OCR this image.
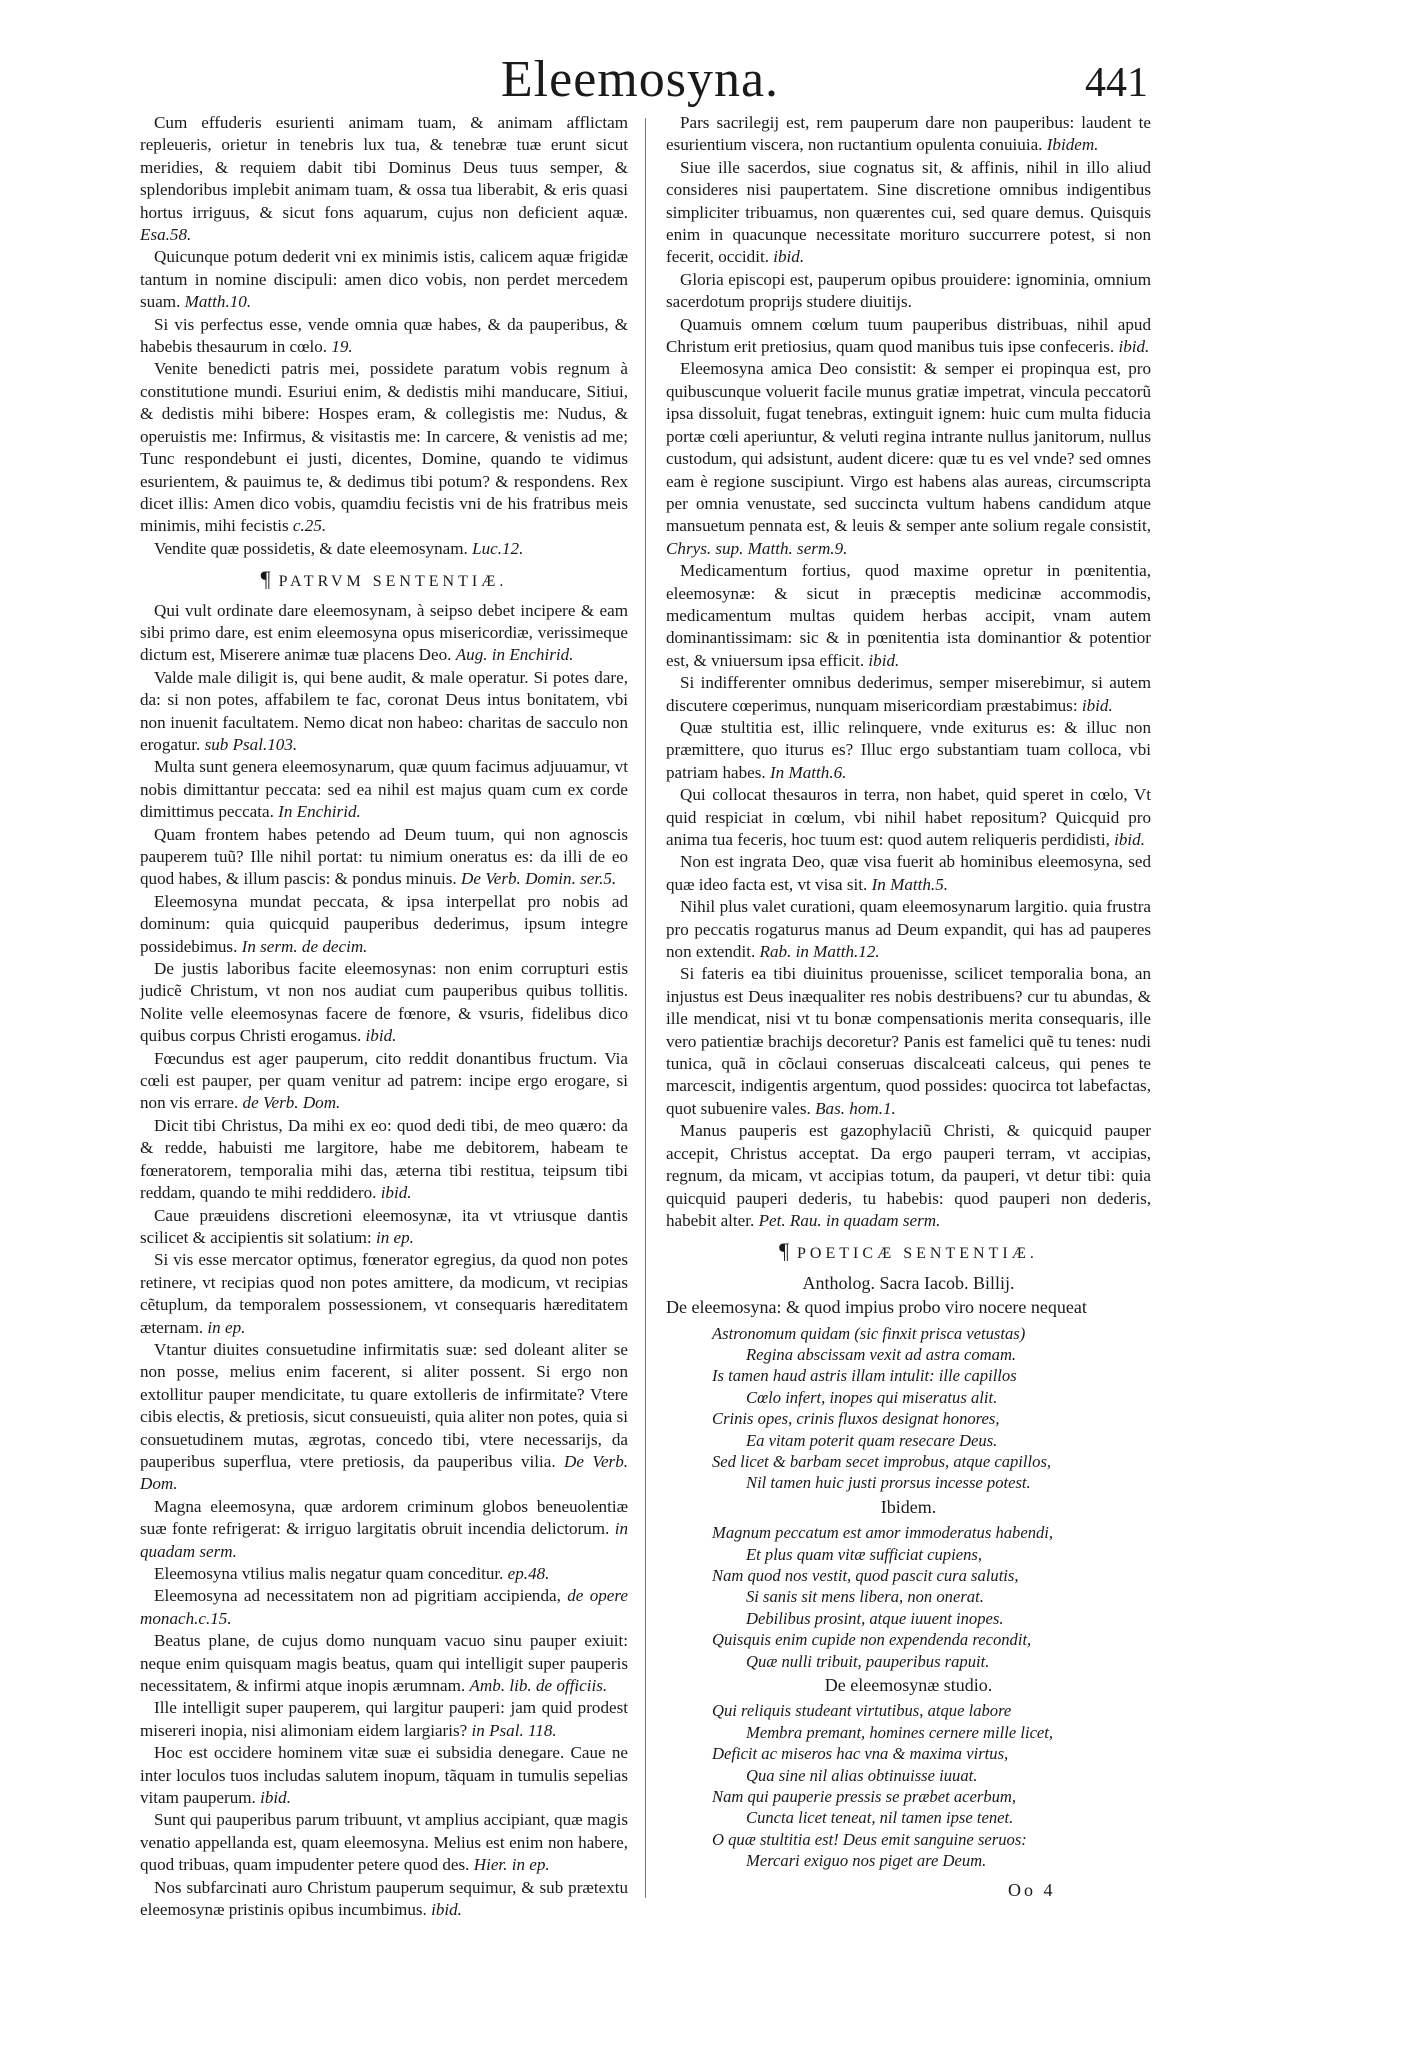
Eleemosyna.	441

Cum effuderis esurienti animam tuam, & animam afflictam repleueris, orietur in tenebris lux tua, & tenebræ tuæ erunt sicut meridies, & requiem dabit tibi Dominus Deus tuus semper, & splendoribus implebit animam tuam, & ossa tua liberabit, & eris quasi hortus irriguus, & sicut fons aquarum, cujus non deficient aquæ. Esa.58.

Quicunque potum dederit vni ex minimis istis, calicem aquæ frigidæ tantum in nomine discipuli: amen dico vobis, non perdet mercedem suam. Matth.10.

Si vis perfectus esse, vende omnia quæ habes, & da pauperibus, & habebis thesaurum in cœlo. 19.

Venite benedicti patris mei, possidete paratum vobis regnum à constitutione mundi. Esuriui enim, & dedistis mihi manducare, Sitiui, & dedistis mihi bibere: Hospes eram, & collegistis me: Nudus, & operuistis me: Infirmus, & visitastis me: In carcere, & venistis ad me; Tunc respondebunt ei justi, dicentes, Domine, quando te vidimus esurientem, & pauimus te, & dedimus tibi potum? & respondens. Rex dicet illis: Amen dico vobis, quamdiu fecistis vni de his fratribus meis minimis, mihi fecistis c.25.

Vendite quæ possidetis, & date eleemosynam. Luc.12.

¶ PATRVM SENTENTIÆ.

Qui vult ordinate dare eleemosynam, à seipso debet incipere & eam sibi primo dare, est enim eleemosyna opus misericordiæ, verissimeque dictum est, Miserere animæ tuæ placens Deo. Aug. in Enchirid.

Valde male diligit is, qui bene audit, & male operatur. Si potes dare, da: si non potes, affabilem te fac, coronat Deus intus bonitatem, vbi non inuenit facultatem. Nemo dicat non habeo: charitas de sacculo non erogatur. sub Psal.103.

Multa sunt genera eleemosynarum, quæ quum facimus adjuuamur, vt nobis dimittantur peccata: sed ea nihil est majus quam cum ex corde dimittimus peccata. In Enchirid.

Quam frontem habes petendo ad Deum tuum, qui non agnoscis pauperem tuũ? Ille nihil portat: tu nimium oneratus es: da illi de eo quod habes, & illum pascis: & pondus minuis. De Verb. Domin. ser.5.

Eleemosyna mundat peccata, & ipsa interpellat pro nobis ad dominum: quia quicquid pauperibus dederimus, ipsum integre possidebimus. In serm. de decim.

De justis laboribus facite eleemosynas: non enim corrupturi estis judicẽ Christum, vt non nos audiat cum pauperibus quibus tollitis. Nolite velle eleemosynas facere de fœnore, & vsuris, fidelibus dico quibus corpus Christi erogamus. ibid.

Fœcundus est ager pauperum, cito reddit donantibus fructum. Via cœli est pauper, per quam venitur ad patrem: incipe ergo erogare, si non vis errare. de Verb. Dom.

Dicit tibi Christus, Da mihi ex eo: quod dedi tibi, de meo quæro: da & redde, habuisti me largitore, habe me debitorem, habeam te fœneratorem, temporalia mihi das, æterna tibi restitua, teipsum tibi reddam, quando te mihi reddidero. ibid.

Caue præuidens discretioni eleemosynæ, ita vt vtriusque dantis scilicet & accipientis sit solatium: in ep.

Si vis esse mercator optimus, fœnerator egregius, da quod non potes retinere, vt recipias quod non potes amittere, da modicum, vt recipias cẽtuplum, da temporalem possessionem, vt consequaris hæreditatem æternam. in ep.

Vtantur diuites consuetudine infirmitatis suæ: sed doleant aliter se non posse, melius enim facerent, si aliter possent. Si ergo non extollitur pauper mendicitate, tu quare extolleris de infirmitate? Vtere cibis electis, & pretiosis, sicut consueuisti, quia aliter non potes, quia si consuetudinem mutas, ægrotas, concedo tibi, vtere necessarijs, da pauperibus superflua, vtere pretiosis, da pauperibus vilia. De Verb. Dom.

Magna eleemosyna, quæ ardorem criminum globos beneuolentiæ suæ fonte refrigerat: & irriguo largitatis obruit incendia delictorum. in quadam serm.

Eleemosyna vtilius malis negatur quam conceditur. ep.48.

Eleemosyna ad necessitatem non ad pigritiam accipienda, de opere monach.c.15.

Beatus plane, de cujus domo nunquam vacuo sinu pauper exiuit: neque enim quisquam magis beatus, quam qui intelligit super pauperis necessitatem, & infirmi atque inopis ærumnam. Amb. lib. de officiis.

Ille intelligit super pauperem, qui largitur pauperi: jam quid prodest misereri inopia, nisi alimoniam eidem largiaris? in Psal. 118.

Hoc est occidere hominem vitæ suæ ei subsidia denegare. Caue ne inter loculos tuos includas salutem inopum, tãquam in tumulis sepelias vitam pauperum. ibid.

Sunt qui pauperibus parum tribuunt, vt amplius accipiant, quæ magis venatio appellanda est, quam eleemosyna. Melius est enim non habere, quod tribuas, quam impudenter petere quod des. Hier. in ep.

Nos subfarcinati auro Christum pauperum sequimur, & sub prætextu eleemosynæ pristinis opibus incumbimus. ibid.

Pars sacrilegij est, rem pauperum dare non pauperibus: laudent te esurientium viscera, non ructantium opulenta conuiuia. Ibidem.

Siue ille sacerdos, siue cognatus sit, & affinis, nihil in illo aliud consideres nisi paupertatem. Sine discretione omnibus indigentibus simpliciter tribuamus, non quærentes cui, sed quare demus. Quisquis enim in quacunque necessitate morituro succurrere potest, si non fecerit, occidit. ibid.

Gloria episcopi est, pauperum opibus prouidere: ignominia, omnium sacerdotum proprijs studere diuitijs.

Quamuis omnem cœlum tuum pauperibus distribuas, nihil apud Christum erit pretiosius, quam quod manibus tuis ipse confeceris. ibid.

Eleemosyna amica Deo consistit: & semper ei propinqua est, pro quibuscunque voluerit facile munus gratiæ impetrat, vincula peccatorũ ipsa dissoluit, fugat tenebras, extinguit ignem: huic cum multa fiducia portæ cœli aperiuntur, & veluti regina intrante nullus janitorum, nullus custodum, qui adsistunt, audent dicere: quæ tu es vel vnde? sed omnes eam è regione suscipiunt. Virgo est habens alas aureas, circumscripta per omnia venustate, sed succincta vultum habens candidum atque mansuetum pennata est, & leuis & semper ante solium regale consistit, Chrys. sup. Matth. serm.9.

Medicamentum fortius, quod maxime opretur in pœnitentia, eleemosynæ: & sicut in præceptis medicinæ accommodis, medicamentum multas quidem herbas accipit, vnam autem dominantissimam: sic & in pœnitentia ista dominantior & potentior est, & vniuersum ipsa efficit. ibid.

Si indifferenter omnibus dederimus, semper miserebimur, si autem discutere cœperimus, nunquam misericordiam præstabimus: ibid.

Quæ stultitia est, illic relinquere, vnde exiturus es: & illuc non præmittere, quo iturus es? Illuc ergo substantiam tuam colloca, vbi patriam habes. In Matth.6.

Qui collocat thesauros in terra, non habet, quid speret in cœlo, Vt quid respiciat in cœlum, vbi nihil habet repositum? Quicquid pro anima tua feceris, hoc tuum est: quod autem reliqueris perdidisti, ibid.

Non est ingrata Deo, quæ visa fuerit ab hominibus eleemosyna, sed quæ ideo facta est, vt visa sit. In Matth.5.

Nihil plus valet curationi, quam eleemosynarum largitio. quia frustra pro peccatis rogaturus manus ad Deum expandit, qui has ad pauperes non extendit. Rab. in Matth.12.

Si fateris ea tibi diuinitus prouenisse, scilicet temporalia bona, an injustus est Deus inæqualiter res nobis destribuens? cur tu abundas, & ille mendicat, nisi vt tu bonæ compensationis merita consequaris, ille vero patientiæ brachijs decoretur? Panis est famelici quẽ tu tenes: nudi tunica, quã in cõclaui conseruas discalceati calceus, qui penes te marcescit, indigentis argentum, quod possides: quocirca tot labefactas, quot subuenire vales. Bas. hom.1.

Manus pauperis est gazophylaciũ Christi, & quicquid pauper accepit, Christus acceptat. Da ergo pauperi terram, vt accipias, regnum, da micam, vt accipias totum, da pauperi, vt detur tibi: quia quicquid pauperi dederis, tu habebis: quod pauperi non dederis, habebit alter. Pet. Rau. in quadam serm.

¶ POETICÆ SENTENTIÆ.

Antholog. Sacra Iacob. Billij.

De eleemosyna: & quod impius probo viro nocere nequeat

Astronomum quidam (sic finxit prisca vetustas)
Regina abscissam vexit ad astra comam.
Is tamen haud astris illam intulit: ille capillos
Cœlo infert, inopes qui miseratus alit.
Crinis opes, crinis fluxos designat honores,
Ea vitam poterit quam resecare Deus.
Sed licet & barbam secet improbus, atque capillos,
Nil tamen huic justi prorsus incesse potest.

Ibidem.

Magnum peccatum est amor immoderatus habendi,
Et plus quam vitæ sufficiat cupiens,
Nam quod nos vestit, quod pascit cura salutis,
Si sanis sit mens libera, non onerat.
Debilibus prosint, atque iuuent inopes.
Quisquis enim cupide non expendenda recondit,
Quæ nulli tribuit, pauperibus rapuit.

De eleemosynæ studio.

Qui reliquis studeant virtutibus, atque labore
Membra premant, homines cernere mille licet,
Deficit ac miseros hac vna & maxima virtus,
Qua sine nil alias obtinuisse iuuat.
Nam qui pauperie pressis se præbet acerbum,
Cuncta licet teneat, nil tamen ipse tenet.
O quæ stultitia est! Deus emit sanguine seruos:
Mercari exiguo nos piget are Deum.
Oo 4
